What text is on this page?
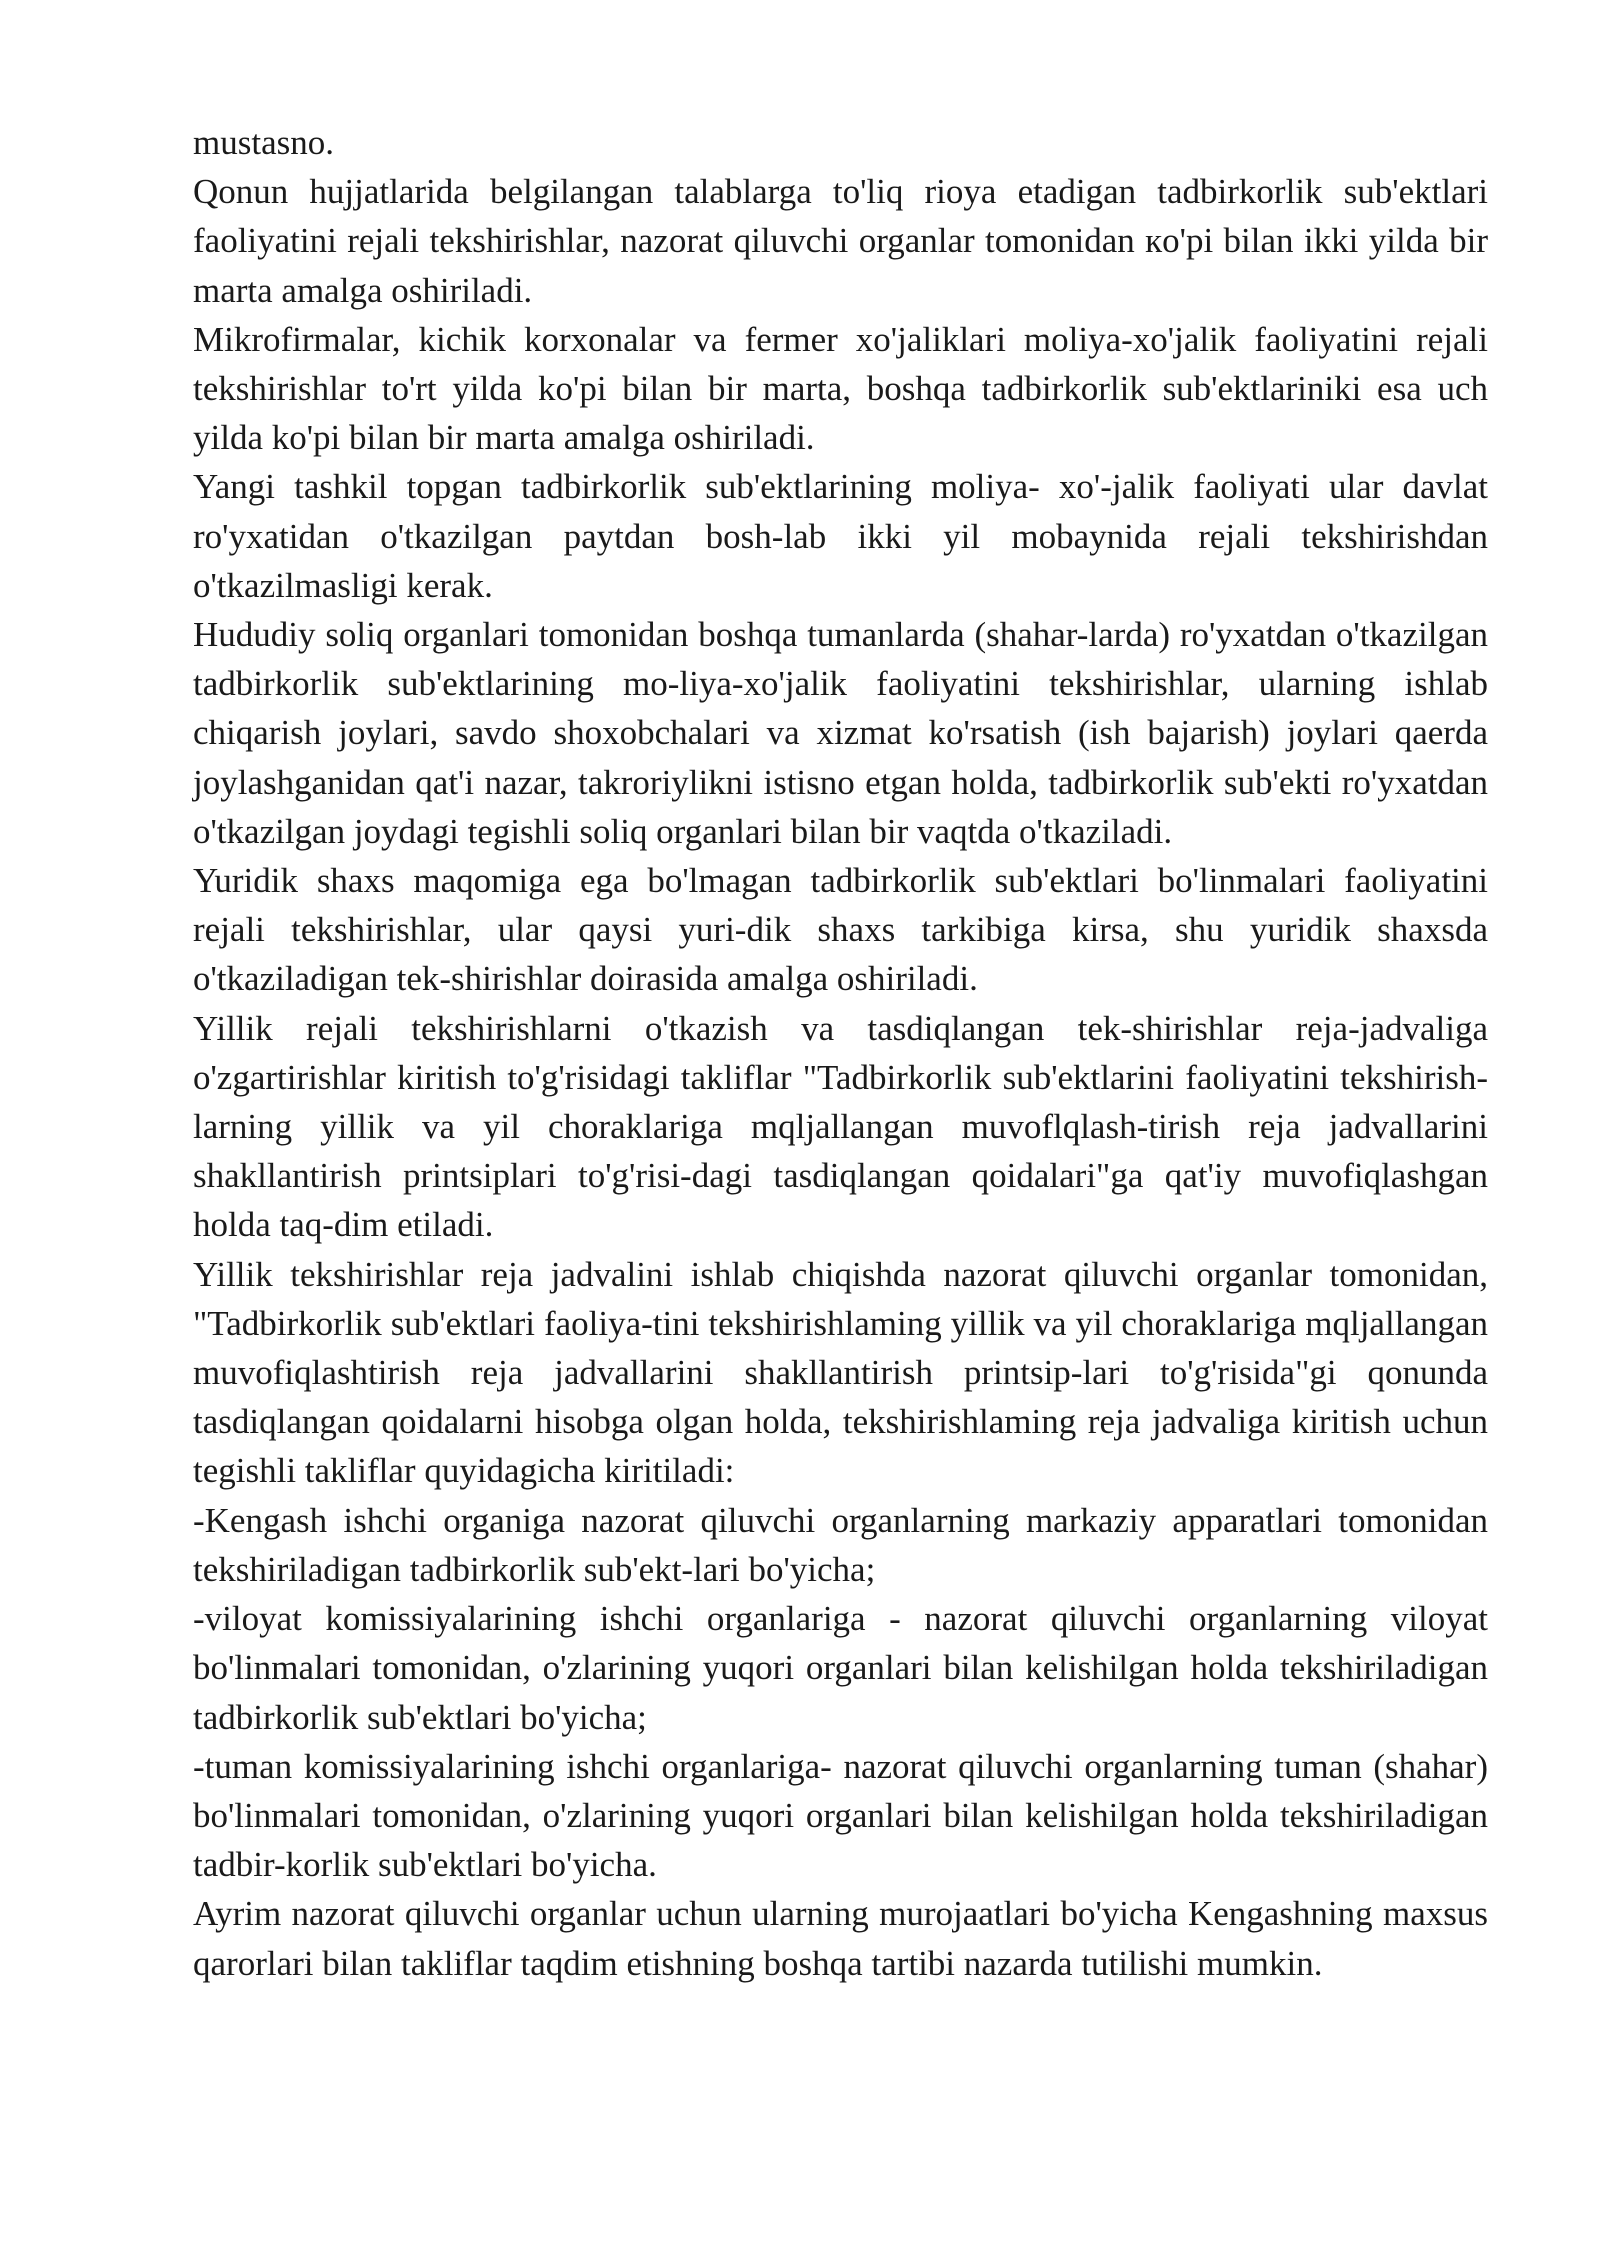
mustasno.

Qonun hujjatlarida belgilangan talablarga to'liq rioya etadigan tadbirkorlik sub'ektlari faoliyatini rejali tekshirishlar, nazorat qiluvchi organlar tomonidan кo'pi bilan ikki yilda bir marta amalga oshiriladi.

Mikrofirmalar, kichik korxonalar va fermer xo'jaliklari moliya-xo'jalik faoliyatini rejali tekshirishlar to'rt yilda ko'pi bilan bir marta, boshqa tadbirkorlik sub'ektlariniki esa uch yilda ko'pi bilan bir marta amalga oshiriladi.

Yangi tashkil topgan tadbirkorlik sub'ektlarining moliya- xo'-jalik faoliyati ular davlat ro'yxatidan o'tkazilgan paytdan bosh-lab ikki yil mobaynida rejali tekshirishdan o'tkazilmasligi kerak.

Hududiy soliq organlari tomonidan boshqa tumanlarda (shahar-larda) ro'yxatdan o'tkazilgan tadbirkorlik sub'ektlarining mo-liya-xo'jalik faoliyatini tekshirishlar, ularning ishlab chiqarish joylari, savdo shoxobchalari va xizmat ko'rsatish (ish bajarish) joylari qaerda joylashganidan qat'i nazar, takroriylikni istisno etgan holda, tadbirkorlik sub'ekti ro'yxatdan o'tkazilgan joydagi tegishli soliq organlari bilan bir vaqtda o'tkaziladi.

Yuridik shaxs maqomiga ega bo'lmagan tadbirkorlik sub'ektlari bo'linmalari faoliyatini rejali tekshirishlar, ular qaysi yuri-dik shaxs tarkibiga kirsa, shu yuridik shaxsda o'tkaziladigan tek-shirishlar doirasida amalga oshiriladi.

Yillik rejali tekshirishlarni o'tkazish va tasdiqlangan tek-shirishlar reja-jadvaliga o'zgartirishlar kiritish to'g'risidagi takliflar "Tadbirkorlik sub'ektlarini faoliyatini tekshirish-larning yillik va yil choraklariga mqljallangan muvoflqlash-tirish reja jadvallarini shakllantirish printsiplari to'g'risi-dagi tasdiqlangan qoidalari"ga qat'iy muvofiqlashgan holda taq-dim etiladi.

Yillik tekshirishlar reja jadvalini ishlab chiqishda nazorat qiluvchi organlar tomonidan, "Tadbirkorlik sub'ektlari faoliya-tini tekshirishlaming yillik va yil choraklariga mqljallangan muvofiqlashtirish reja jadvallarini shakllantirish printsip-lari to'g'risida"gi qonunda tasdiqlangan qoidalarni hisobga olgan holda, tekshirishlaming reja jadvaliga kiritish uchun tegishli takliflar quyidagicha kiritiladi:

-Kengash ishchi organiga nazorat qiluvchi organlarning markaziy apparatlari tomonidan tekshiriladigan tadbirkorlik sub'ekt-lari bo'yicha;

-viloyat komissiyalarining ishchi organlariga - nazorat qiluvchi organlarning viloyat bo'linmalari tomonidan, o'zlarining yuqori organlari bilan kelishilgan holda tekshiriladigan tadbirkorlik sub'ektlari bo'yicha;

-tuman komissiyalarining ishchi organlariga- nazorat qiluvchi organlarning tuman (shahar) bo'linmalari tomonidan, o'zlarining yuqori organlari bilan kelishilgan holda tekshiriladigan tadbir-korlik sub'ektlari bo'yicha.

Ayrim nazorat qiluvchi organlar uchun ularning murojaatlari bo'yicha Kengashning maxsus qarorlari bilan takliflar taqdim etishning boshqa tartibi nazarda tutilishi mumkin.
